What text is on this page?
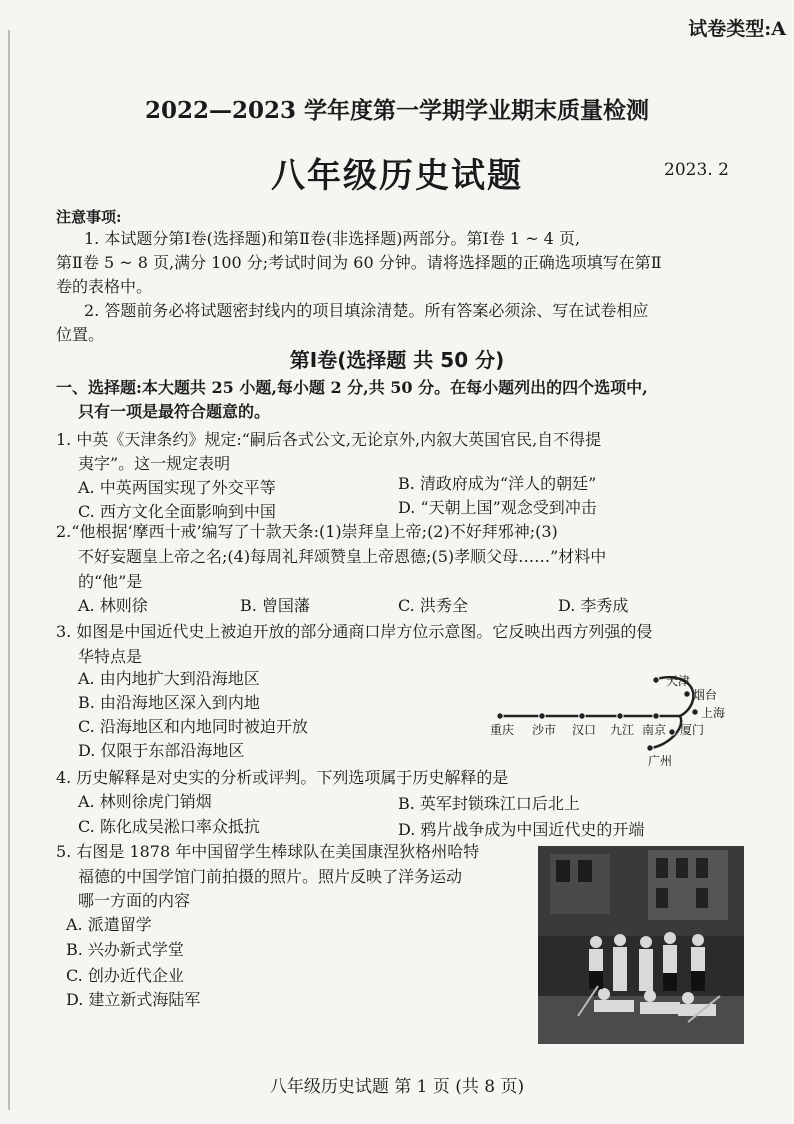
试卷类型:A
2022—2023 学年度第一学期学业期末质量检测
八年级历史试题	2023. 2
注意事项:
1. 本试题分第Ⅰ卷(选择题)和第Ⅱ卷(非选择题)两部分。第Ⅰ卷 1 ~ 4 页,
第Ⅱ卷 5 ~ 8 页,满分 100 分;考试时间为 60 分钟。请将选择题的正确选项填写在第Ⅱ
卷的表格中。
2. 答题前务必将试题密封线内的项目填涂清楚。所有答案必须涂、写在试卷相应
位置。
第Ⅰ卷(选择题 共 50 分)
一、选择题:本大题共 25 小题,每小题 2 分,共 50 分。在每小题列出的四个选项中,
只有一项是最符合题意的。
1. 中英《天津条约》规定:“嗣后各式公文,无论京外,内叙大英国官民,自不得提
夷字”。这一规定表明
A. 中英两国实现了外交平等	B. 清政府成为“洋人的朝廷”
C. 西方文化全面影响到中国	D. “天朝上国”观念受到冲击
2.“他根据‘摩西十戒’编写了十款天条:(1)崇拜皇上帝;(2)不好拜邪神;(3)
不好妄题皇上帝之名;(4)每周礼拜颂赞皇上帝恩德;(5)孝顺父母……”材料中
的“他”是
A. 林则徐	B. 曾国藩	C. 洪秀全	D. 李秀成
3. 如图是中国近代史上被迫开放的部分通商口岸方位示意图。它反映出西方列强的侵
华特点是
A. 由内地扩大到沿海地区
B. 由沿海地区深入到内地
C. 沿海地区和内地同时被迫开放
D. 仅限于东部沿海地区
天津
烟台
上海
重庆 沙市 汉口 九江 南京 厦门
广州
4. 历史解释是对史实的分析或评判。下列选项属于历史解释的是
A. 林则徐虎门销烟	B. 英军封锁珠江口后北上
C. 陈化成吴淞口率众抵抗	D. 鸦片战争成为中国近代史的开端
5. 右图是 1878 年中国留学生棒球队在美国康涅狄格州哈特
福德的中国学馆门前拍摄的照片。照片反映了洋务运动
哪一方面的内容
A. 派遣留学
B. 兴办新式学堂
C. 创办近代企业
D. 建立新式海陆军
八年级历史试题 第 1 页 (共 8 页)
